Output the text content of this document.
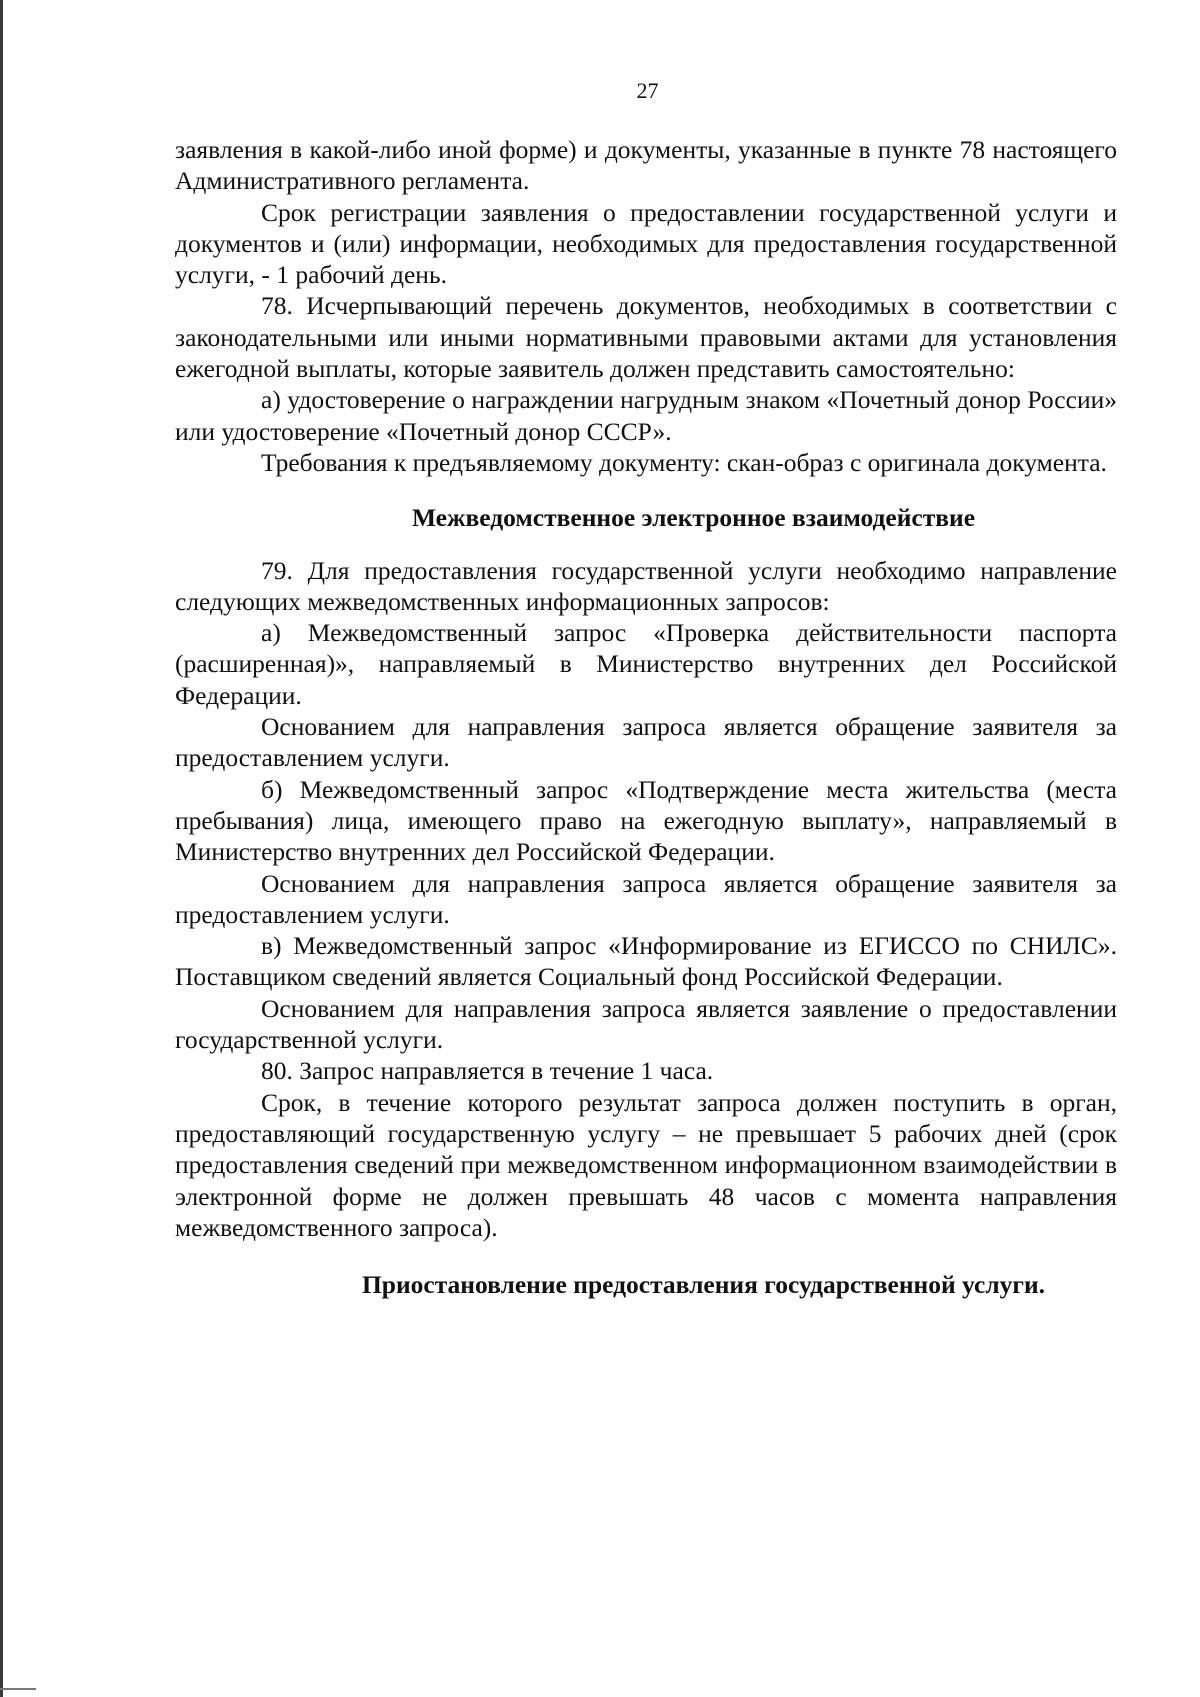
27

заявления в какой-либо иной форме) и документы, указанные в пункте 78 настоящего Административного регламента.

Срок регистрации заявления о предоставлении государственной услуги и документов и (или) информации, необходимых для предоставления государственной услуги, - 1 рабочий день.

78. Исчерпывающий перечень документов, необходимых в соответствии с законодательными или иными нормативными правовыми актами для установления ежегодной выплаты, которые заявитель должен представить самостоятельно:

а) удостоверение о награждении нагрудным знаком «Почетный донор России» или удостоверение «Почетный донор СССР».

Требования к предъявляемому документу: скан-образ с оригинала документа.

Межведомственное электронное взаимодействие

79. Для предоставления государственной услуги необходимо направление следующих межведомственных информационных запросов:

а) Межведомственный запрос «Проверка действительности паспорта (расширенная)», направляемый в Министерство внутренних дел Российской Федерации.

Основанием для направления запроса является обращение заявителя за предоставлением услуги.

б) Межведомственный запрос «Подтверждение места жительства (места пребывания) лица, имеющего право на ежегодную выплату», направляемый в Министерство внутренних дел Российской Федерации.

Основанием для направления запроса является обращение заявителя за предоставлением услуги.

в) Межведомственный запрос «Информирование из ЕГИССО по СНИЛС». Поставщиком сведений является Социальный фонд Российской Федерации.

Основанием для направления запроса является заявление о предоставлении государственной услуги.

80. Запрос направляется в течение 1 часа.

Срок, в течение которого результат запроса должен поступить в орган, предоставляющий государственную услугу – не превышает 5 рабочих дней (срок предоставления сведений при межведомственном информационном взаимодействии в электронной форме не должен превышать 48 часов с момента направления межведомственного запроса).

Приостановление предоставления государственной услуги.
